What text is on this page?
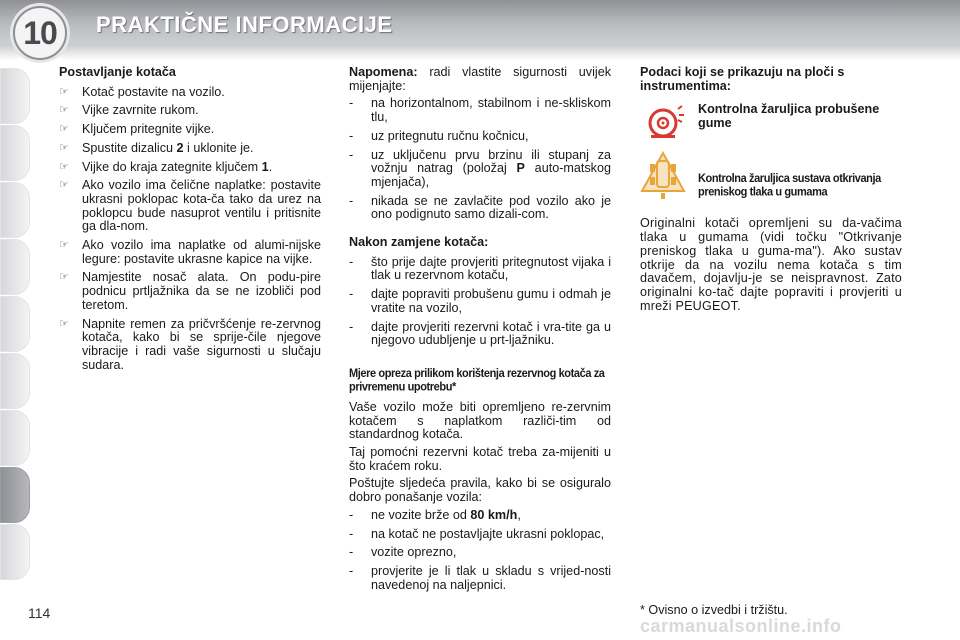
10	PRAKTIČNE INFORMACIJE
Postavljanje kotača
☞ Kotač postavite na vozilo.
☞ Vijke zavrnite rukom.
☞ Ključem pritegnite vijke.
☞ Spustite dizalicu 2 i uklonite je.
☞ Vijke do kraja zategnite ključem 1.
☞ Ako vozilo ima čelične naplatke: postavite ukrasni poklopac kota-ča tako da urez na poklopcu bude nasuprot ventilu i pritisnite ga dla-nom.
☞ Ako vozilo ima naplatke od alumi-nijske legure: postavite ukrasne kapice na vijke.
☞ Namjestite nosač alata. On podu-pire podnicu prtljažnika da se ne izobliči pod teretom.
☞ Napnite remen za pričvršćenje re-zervnog kotača, kako bi se sprije-čile njegove vibracije i radi vaše sigurnosti u slučaju sudara.

Napomena: radi vlastite sigurnosti uvijek mijenjajte:

- na horizontalnom, stabilnom i ne-skliskom tlu,
- uz pritegnutu ručnu kočnicu,
- uz uključenu prvu brzinu ili stupanj za vožnju natrag (položaj P auto-matskog mjenjača),
- nikada se ne zavlačite pod vozilo ako je ono podignuto samo dizali-com.
Nakon zamjene kotača:
- što prije dajte provjeriti pritegnutost vijaka i tlak u rezervnom kotaču,
- dajte popraviti probušenu gumu i odmah je vratite na vozilo,
- dajte provjeriti rezervni kotač i vra-tite ga u njegovo udubljenje u prt-ljažniku.
Mjere opreza prilikom korištenja rezervnog kotača za privremenu upotrebu*

Vaše vozilo može biti opremljeno re-zervnim kotačem s naplatkom različi-tim od standardnog kotača.

Taj pomoćni rezervni kotač treba za-mijeniti u što kraćem roku.

Poštujte sljedeća pravila, kako bi se osiguralo dobro ponašanje vozila:

- ne vozite brže od 80 km/h,
- na kotač ne postavljajte ukrasni poklopac,
- vozite oprezno,
- provjerite je li tlak u skladu s vrijed-nosti navedenoj na naljepnici.
Podaci koji se prikazuju na ploči s instrumentima:
Kontrolna žaruljica probušene gume
Kontrolna žaruljica sustava otkrivanja preniskog tlaka u gumama

Originalni kotači opremljeni su da-vačima tlaka u gumama (vidi točku "Otkrivanje preniskog tlaka u guma-ma"). Ako sustav otkrije da na vozilu nema kotača s tim davačem, dojavlju-je se neispravnost. Zato originalni ko-tač dajte popraviti i provjeriti u mreži PEUGEOT.

114	* Ovisno o izvedbi i tržištu.
carmanualsonline.info
